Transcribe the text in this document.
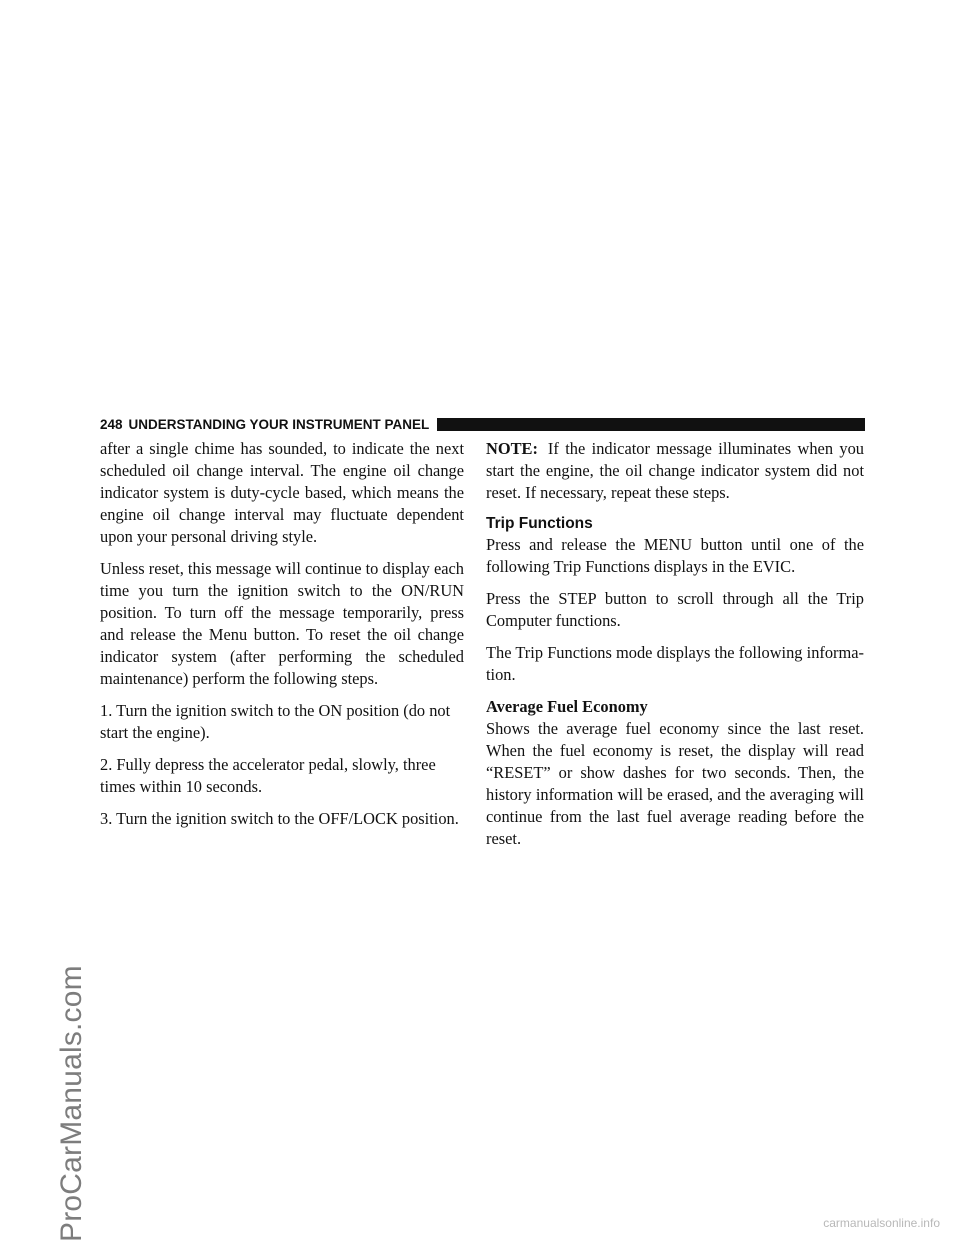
ProCarManuals.com
248 UNDERSTANDING YOUR INSTRUMENT PANEL

after a single chime has sounded, to indicate the next scheduled oil change interval. The engine oil change indicator system is duty-cycle based, which means the engine oil change interval may fluctuate dependent upon your personal driving style.

Unless reset, this message will continue to display each time you turn the ignition switch to the ON/RUN position. To turn off the message temporarily, press and release the Menu button. To reset the oil change indicator system (after performing the scheduled maintenance) perform the following steps.

1. Turn the ignition switch to the ON position (do not start the engine).

2. Fully depress the accelerator pedal, slowly, three times within 10 seconds.

3. Turn the ignition switch to the OFF/LOCK position.

NOTE: If the indicator message illuminates when you start the engine, the oil change indicator system did not reset. If necessary, repeat these steps.

Trip Functions

Press and release the MENU button until one of the following Trip Functions displays in the EVIC.

Press the STEP button to scroll through all the Trip Computer functions.

The Trip Functions mode displays the following informa-tion.

Average Fuel Economy

Shows the average fuel economy since the last reset. When the fuel economy is reset, the display will read “RESET” or show dashes for two seconds. Then, the history information will be erased, and the averaging will continue from the last fuel average reading before the reset.

carmanualsonline.info
